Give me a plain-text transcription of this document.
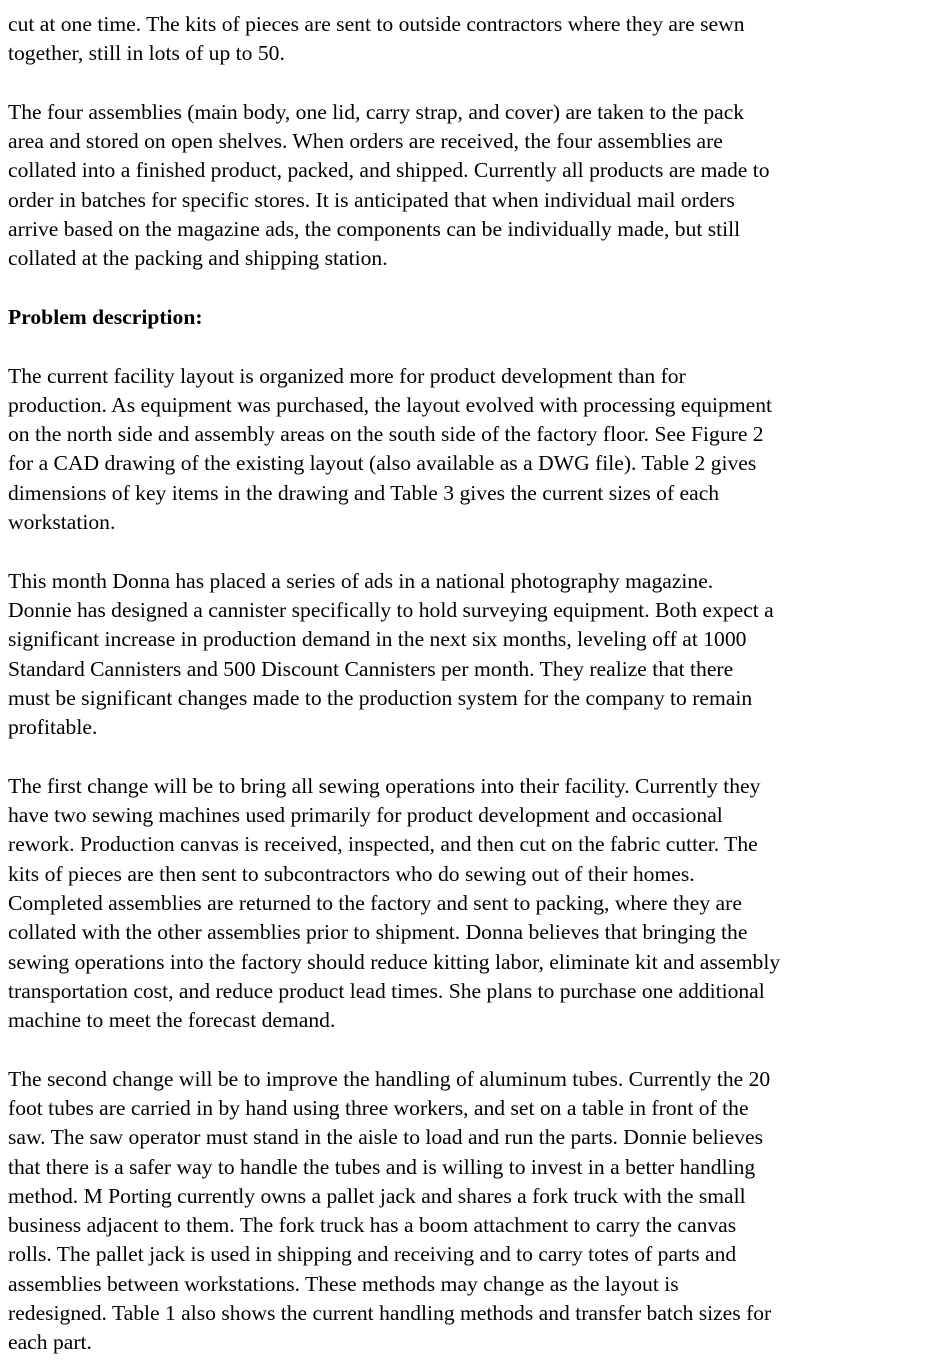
cut at one time. The kits of pieces are sent to outside contractors where they are sewn
together, still in lots of up to 50.

The four assemblies (main body, one lid, carry strap, and cover) are taken to the pack
area and stored on open shelves. When orders are received, the four assemblies are
collated into a finished product, packed, and shipped. Currently all products are made to
order in batches for specific stores. It is anticipated that when individual mail orders
arrive based on the magazine ads, the components can be individually made, but still
collated at the packing and shipping station.

Problem description:

The current facility layout is organized more for product development than for
production. As equipment was purchased, the layout evolved with processing equipment
on the north side and assembly areas on the south side of the factory floor. See Figure 2
for a CAD drawing of the existing layout (also available as a DWG file). Table 2 gives
dimensions of key items in the drawing and Table 3 gives the current sizes of each
workstation.

This month Donna has placed a series of ads in a national photography magazine.
Donnie has designed a cannister specifically to hold surveying equipment. Both expect a
significant increase in production demand in the next six months, leveling off at 1000
Standard Cannisters and 500 Discount Cannisters per month. They realize that there
must be significant changes made to the production system for the company to remain
profitable.

The first change will be to bring all sewing operations into their facility. Currently they
have two sewing machines used primarily for product development and occasional
rework. Production canvas is received, inspected, and then cut on the fabric cutter. The
kits of pieces are then sent to subcontractors who do sewing out of their homes.
Completed assemblies are returned to the factory and sent to packing, where they are
collated with the other assemblies prior to shipment. Donna believes that bringing the
sewing operations into the factory should reduce kitting labor, eliminate kit and assembly
transportation cost, and reduce product lead times. She plans to purchase one additional
machine to meet the forecast demand.

The second change will be to improve the handling of aluminum tubes. Currently the 20
foot tubes are carried in by hand using three workers, and set on a table in front of the
saw. The saw operator must stand in the aisle to load and run the parts. Donnie believes
that there is a safer way to handle the tubes and is willing to invest in a better handling
method. M Porting currently owns a pallet jack and shares a fork truck with the small
business adjacent to them. The fork truck has a boom attachment to carry the canvas
rolls. The pallet jack is used in shipping and receiving and to carry totes of parts and
assemblies between workstations. These methods may change as the layout is
redesigned. Table 1 also shows the current handling methods and transfer batch sizes for
each part.
